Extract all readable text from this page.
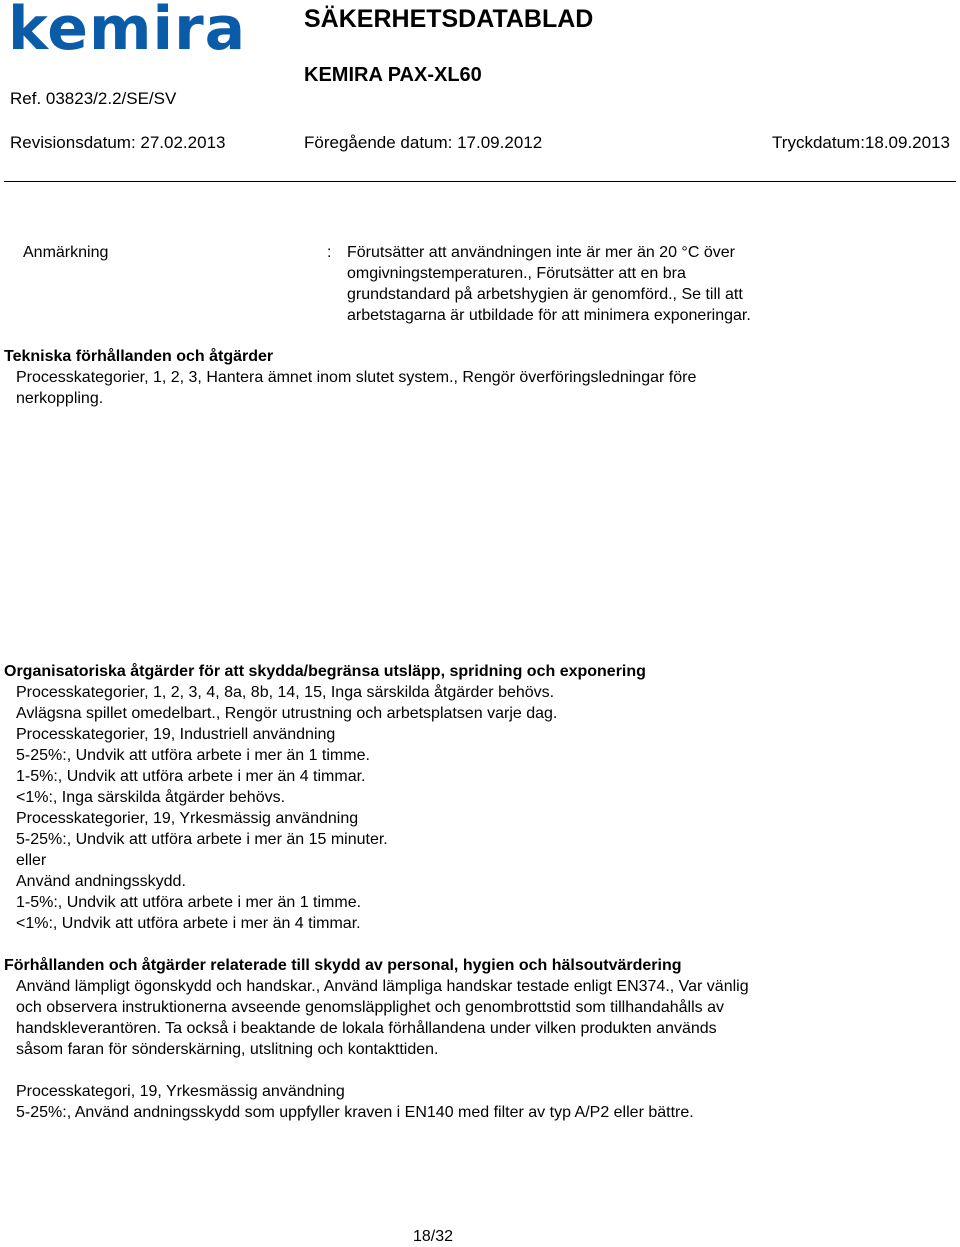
kemira SÄKERHETSDATABLAD
KEMIRA PAX-XL60
Ref. 03823/2.2/SE/SV
Revisionsdatum: 27.02.2013	Föregående datum: 17.09.2012	Tryckdatum:18.09.2013
Anmärkning	: Förutsätter att användningen inte är mer än 20 °C över
omgivningstemperaturen., Förutsätter att en bra
grundstandard på arbetshygien är genomförd., Se till att
arbetstagarna är utbildade för att minimera exponeringar.
Tekniska förhållanden och åtgärder

Processkategorier, 1, 2, 3, Hantera ämnet inom slutet system., Rengör överföringsledningar före

nerkoppling.

Organisatoriska åtgärder för att skydda/begränsa utsläpp, spridning och exponering

Processkategorier, 1, 2, 3, 4, 8a, 8b, 14, 15, Inga särskilda åtgärder behövs.

Avlägsna spillet omedelbart., Rengör utrustning och arbetsplatsen varje dag.

Processkategorier, 19, Industriell användning

5-25%:, Undvik att utföra arbete i mer än 1 timme.

1-5%:, Undvik att utföra arbete i mer än 4 timmar.

<1%:, Inga särskilda åtgärder behövs.

Processkategorier, 19, Yrkesmässig användning

5-25%:, Undvik att utföra arbete i mer än 15 minuter.

eller

Använd andningsskydd.

1-5%:, Undvik att utföra arbete i mer än 1 timme.

<1%:, Undvik att utföra arbete i mer än 4 timmar.

Förhållanden och åtgärder relaterade till skydd av personal, hygien och hälsoutvärdering

Använd lämpligt ögonskydd och handskar., Använd lämpliga handskar testade enligt EN374., Var vänlig

och observera instruktionerna avseende genomsläpplighet och genombrottstid som tillhandahålls av

handskleverantören. Ta också i beaktande de lokala förhållandena under vilken produkten används

såsom faran för sönderskärning, utslitning och kontakttiden.

Processkategori, 19, Yrkesmässig användning

5-25%:, Använd andningsskydd som uppfyller kraven i EN140 med filter av typ A/P2 eller bättre.

18/32
